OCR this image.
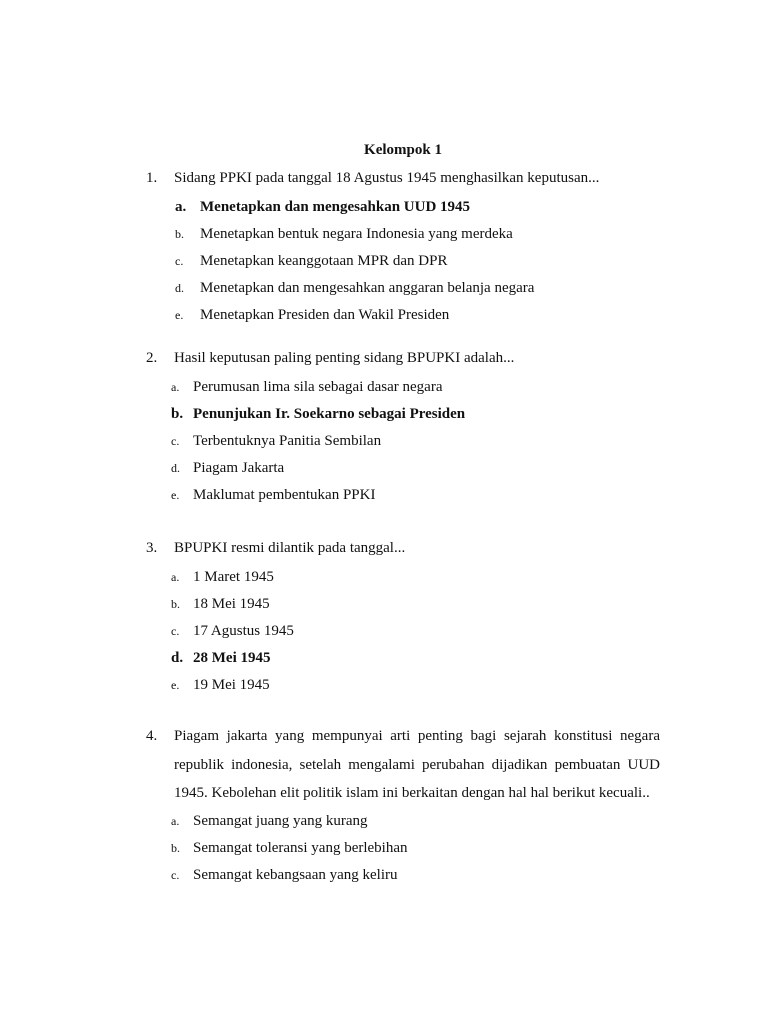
Kelompok 1
1.	Sidang PPKI pada tanggal 18 Agustus 1945 menghasilkan keputusan...
a. Menetapkan dan mengesahkan UUD 1945
b.	Menetapkan bentuk negara Indonesia yang merdeka
c.	Menetapkan keanggotaan MPR dan DPR
d.	Menetapkan dan mengesahkan anggaran belanja negara
e.	Menetapkan Presiden dan Wakil Presiden
2.	Hasil keputusan paling penting sidang BPUPKI adalah...
a. Perumusan lima sila sebagai dasar negara
b. Penunjukan Ir. Soekarno sebagai Presiden
c. Terbentuknya Panitia Sembilan
d. Piagam Jakarta
e. Maklumat pembentukan PPKI
3.	BPUPKI resmi dilantik pada tanggal...
a. 1 Maret 1945
b. 18 Mei 1945
c. 17 Agustus 1945
d. 28 Mei 1945
e. 19 Mei 1945
4.	Piagam jakarta yang mempunyai arti penting bagi sejarah konstitusi negara republik indonesia, setelah mengalami perubahan dijadikan pembuatan UUD 1945. Kebolehan elit politik islam ini berkaitan dengan hal hal berikut kecuali..
a. Semangat juang yang kurang
b. Semangat toleransi yang berlebihan
c. Semangat kebangsaan yang keliru
